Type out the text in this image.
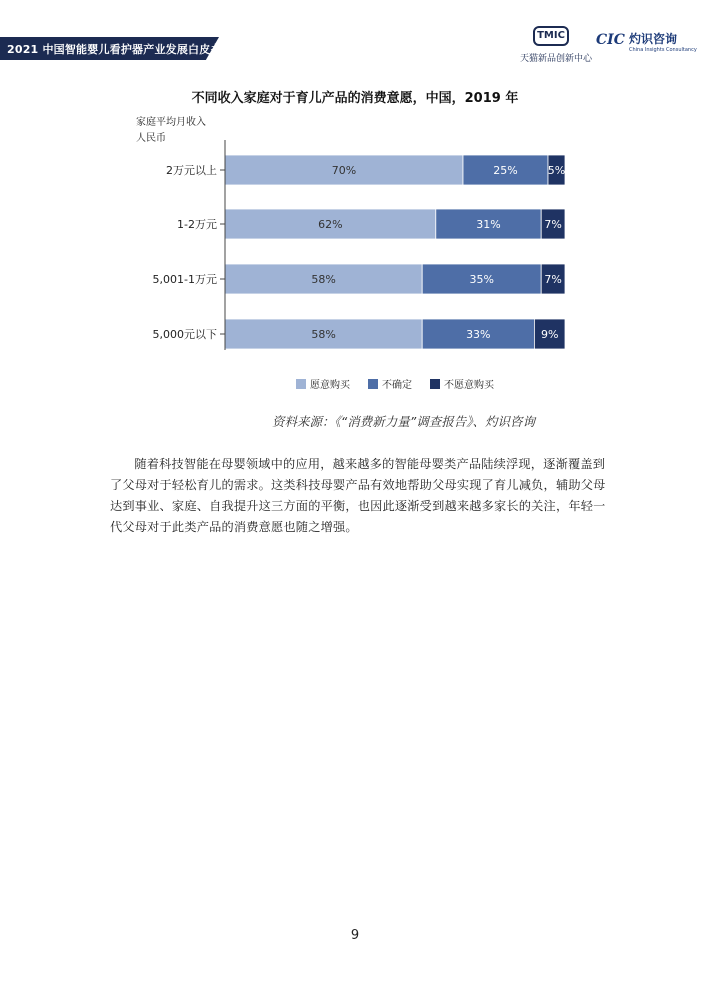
2021 中国智能婴儿看护器产业发展白皮书
TMIC
天猫新品创新中心
CIC 灼识咨询
China Insights Consultancy
不同收入家庭对于育儿产品的消费意愿，中国，2019 年
家庭平均月收入
人民币
2万元以上	70%	25%	5%
1-2万元	62%	31%	7%
5,001-1万元	58%	35%	7%
5,000元以下	58%	33%	9%
愿意购买	不确定	不愿意购买
资料来源：《“消费新力量”调查报告》、灼识咨询
随着科技智能在母婴领域中的应用，越来越多的智能母婴类产品陆续浮现，逐渐覆盖到了父母对于轻松育儿的需求。这类科技母婴产品有效地帮助父母实现了育儿减负，辅助父母达到事业、家庭、自我提升这三方面的平衡，也因此逐渐受到越来越多家长的关注，年轻一代父母对于此类产品的消费意愿也随之增强。
9
